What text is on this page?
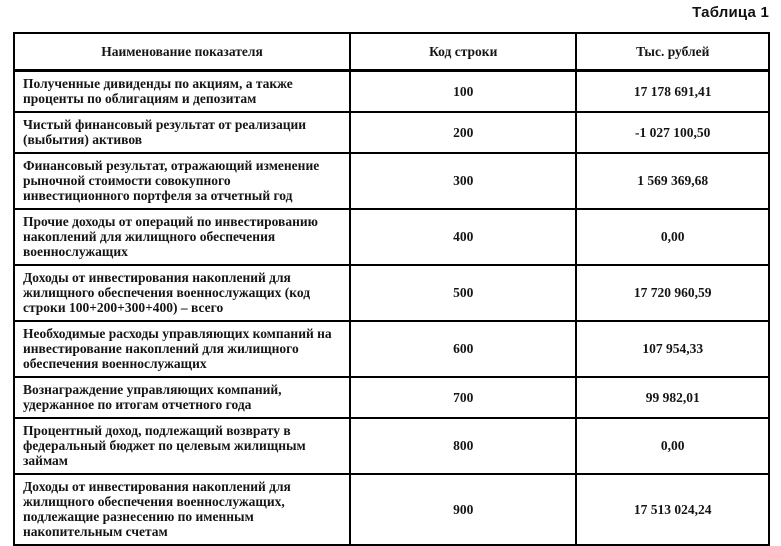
Таблица 1
Наименование показателя	Код строки	Тыс. рублей
Полученные дивиденды по акциям, а также проценты по облигациям и депозитам	100	17 178 691,41
Чистый финансовый результат от реализации (выбытия) активов	200	-1 027 100,50
Финансовый результат, отражающий изменение рыночной стоимости совокупного инвестиционного портфеля за отчетный год	300	1 569 369,68
Прочие доходы от операций по инвестированию накоплений для жилищного обеспечения военнослужащих	400	0,00
Доходы от инвестирования накоплений для жилищного обеспечения военнослужащих (код строки 100+200+300+400) – всего	500	17 720 960,59
Необходимые расходы управляющих компаний на инвестирование накоплений для жилищного обеспечения военнослужащих	600	107 954,33
Вознаграждение управляющих компаний, удержанное по итогам отчетного года	700	99 982,01
Процентный доход, подлежащий возврату в федеральный бюджет по целевым жилищным займам	800	0,00
Доходы от инвестирования накоплений для жилищного обеспечения военнослужащих, подлежащие разнесению по именным накопительным счетам	900	17 513 024,24
